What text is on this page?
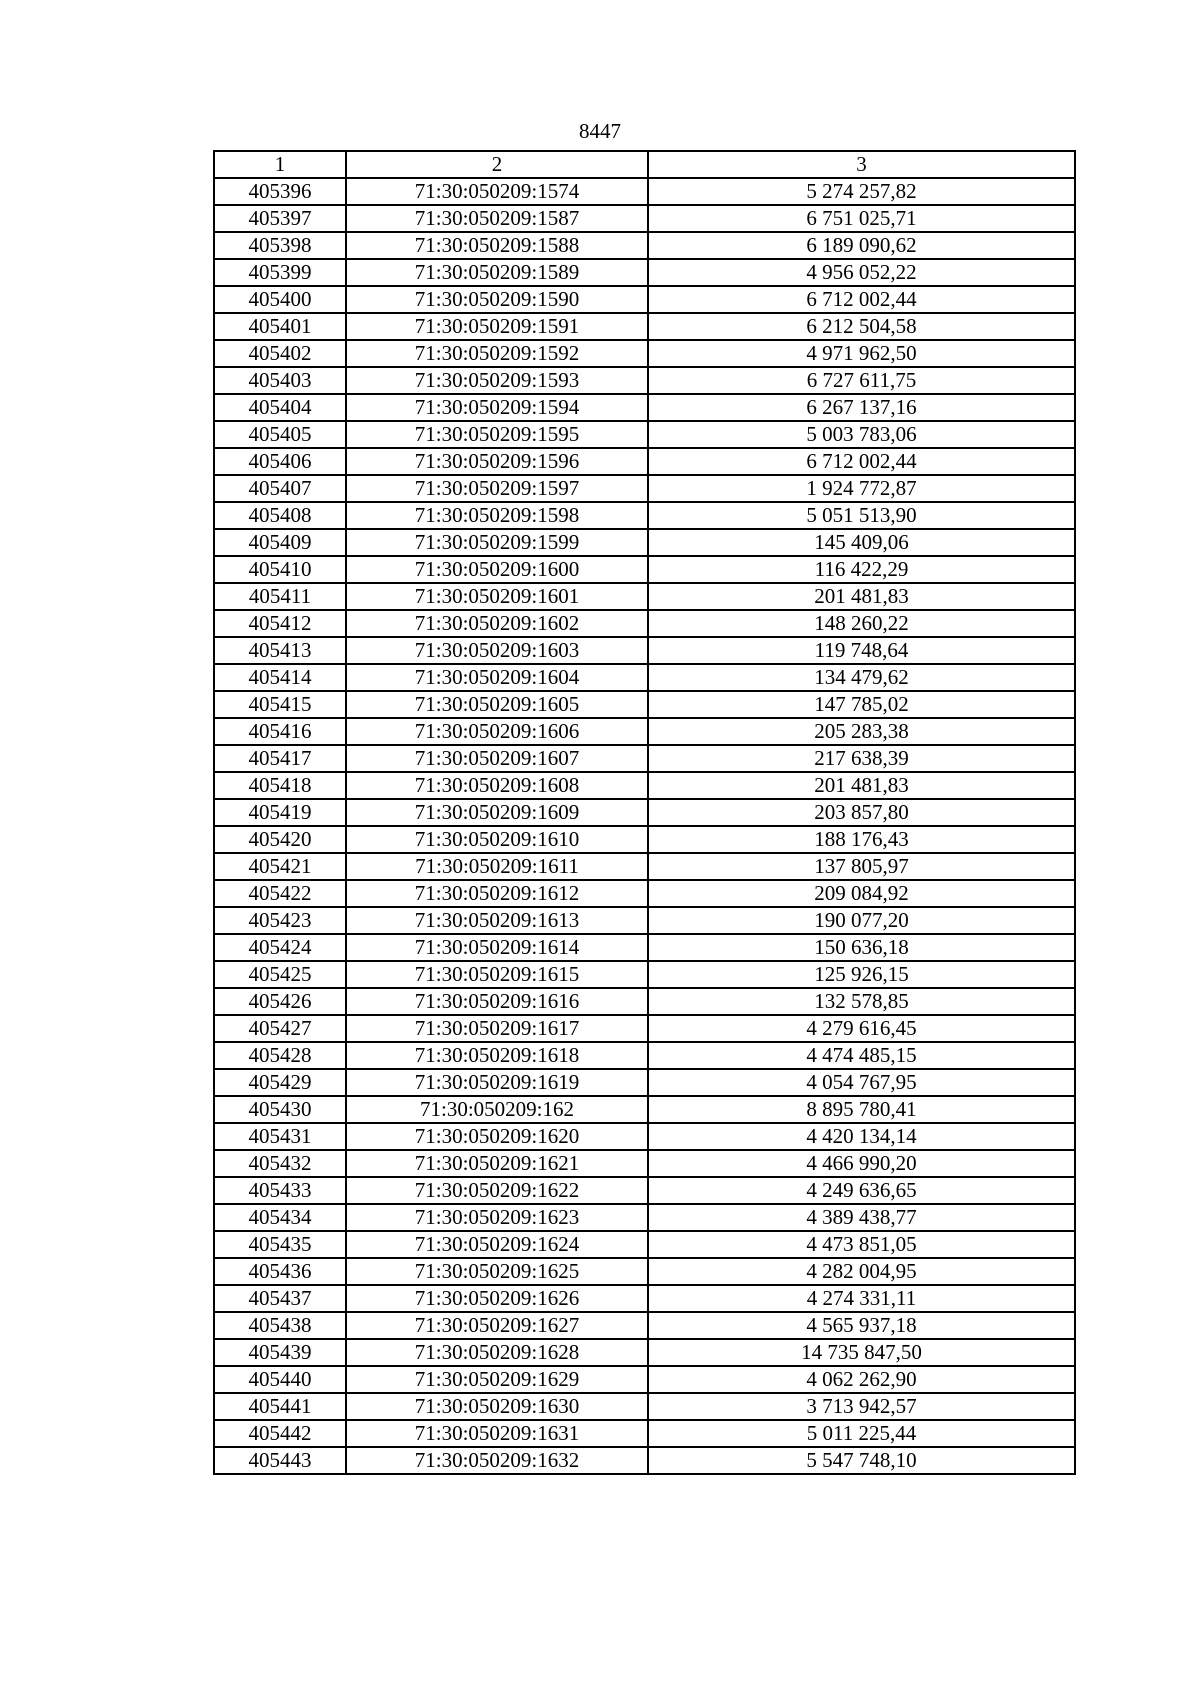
8447
1	2	3
405396	71:30:050209:1574	5 274 257,82
405397	71:30:050209:1587	6 751 025,71
405398	71:30:050209:1588	6 189 090,62
405399	71:30:050209:1589	4 956 052,22
405400	71:30:050209:1590	6 712 002,44
405401	71:30:050209:1591	6 212 504,58
405402	71:30:050209:1592	4 971 962,50
405403	71:30:050209:1593	6 727 611,75
405404	71:30:050209:1594	6 267 137,16
405405	71:30:050209:1595	5 003 783,06
405406	71:30:050209:1596	6 712 002,44
405407	71:30:050209:1597	1 924 772,87
405408	71:30:050209:1598	5 051 513,90
405409	71:30:050209:1599	145 409,06
405410	71:30:050209:1600	116 422,29
405411	71:30:050209:1601	201 481,83
405412	71:30:050209:1602	148 260,22
405413	71:30:050209:1603	119 748,64
405414	71:30:050209:1604	134 479,62
405415	71:30:050209:1605	147 785,02
405416	71:30:050209:1606	205 283,38
405417	71:30:050209:1607	217 638,39
405418	71:30:050209:1608	201 481,83
405419	71:30:050209:1609	203 857,80
405420	71:30:050209:1610	188 176,43
405421	71:30:050209:1611	137 805,97
405422	71:30:050209:1612	209 084,92
405423	71:30:050209:1613	190 077,20
405424	71:30:050209:1614	150 636,18
405425	71:30:050209:1615	125 926,15
405426	71:30:050209:1616	132 578,85
405427	71:30:050209:1617	4 279 616,45
405428	71:30:050209:1618	4 474 485,15
405429	71:30:050209:1619	4 054 767,95
405430	71:30:050209:162	8 895 780,41
405431	71:30:050209:1620	4 420 134,14
405432	71:30:050209:1621	4 466 990,20
405433	71:30:050209:1622	4 249 636,65
405434	71:30:050209:1623	4 389 438,77
405435	71:30:050209:1624	4 473 851,05
405436	71:30:050209:1625	4 282 004,95
405437	71:30:050209:1626	4 274 331,11
405438	71:30:050209:1627	4 565 937,18
405439	71:30:050209:1628	14 735 847,50
405440	71:30:050209:1629	4 062 262,90
405441	71:30:050209:1630	3 713 942,57
405442	71:30:050209:1631	5 011 225,44
405443	71:30:050209:1632	5 547 748,10
